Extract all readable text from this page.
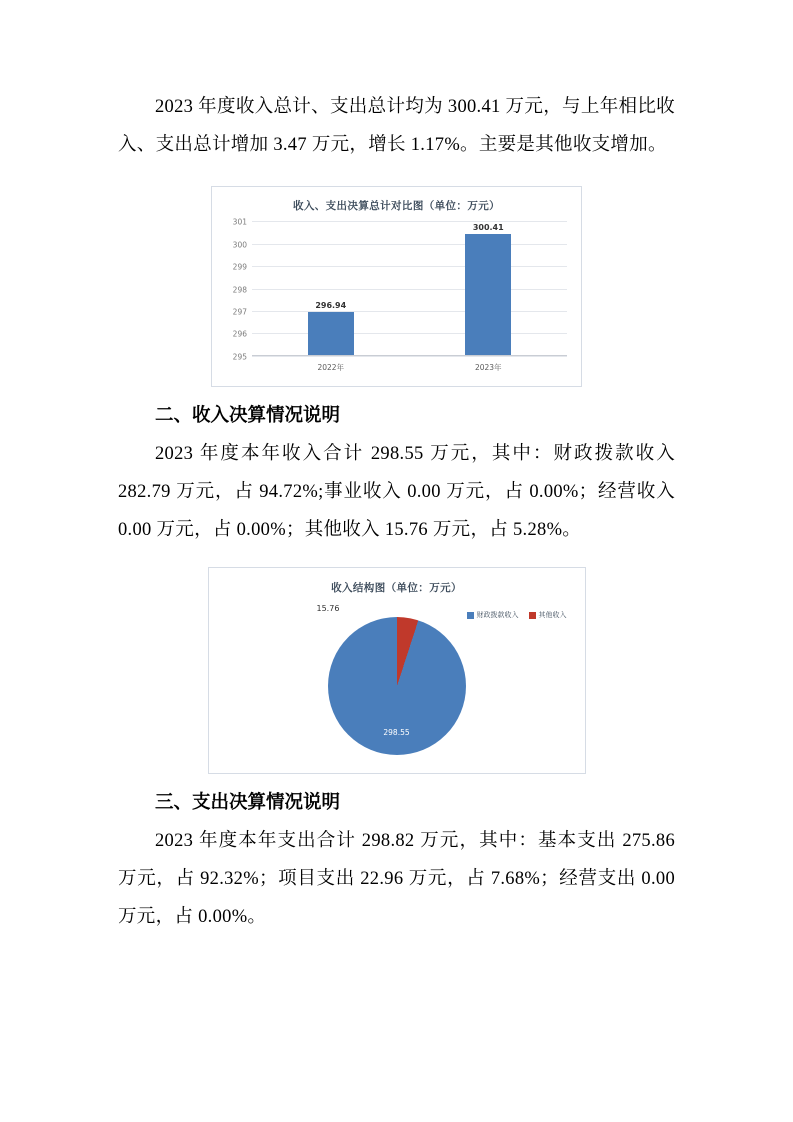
2023 年度收入总计、支出总计均为 300.41 万元，与上年相比收入、支出总计增加 3.47 万元，增长 1.17%。主要是其他收支增加。

收入、支出决算总计对比图（单位：万元）
301
300
299
298
297
296
295
296.94
2022年
300.41
2023年
二、收入决算情况说明

2023 年度本年收入合计 298.55 万元，其中：财政拨款收入 282.79 万元，占 94.72%;事业收入 0.00 万元，占 0.00%；经营收入 0.00 万元，占 0.00%；其他收入 15.76 万元，占 5.28%。

收入结构图（单位：万元）
财政拨款收入	其他收入
298.55
15.76
三、支出决算情况说明

2023 年度本年支出合计 298.82 万元，其中：基本支出 275.86 万元，占 92.32%；项目支出 22.96 万元，占 7.68%；经营支出 0.00 万元，占 0.00%。
